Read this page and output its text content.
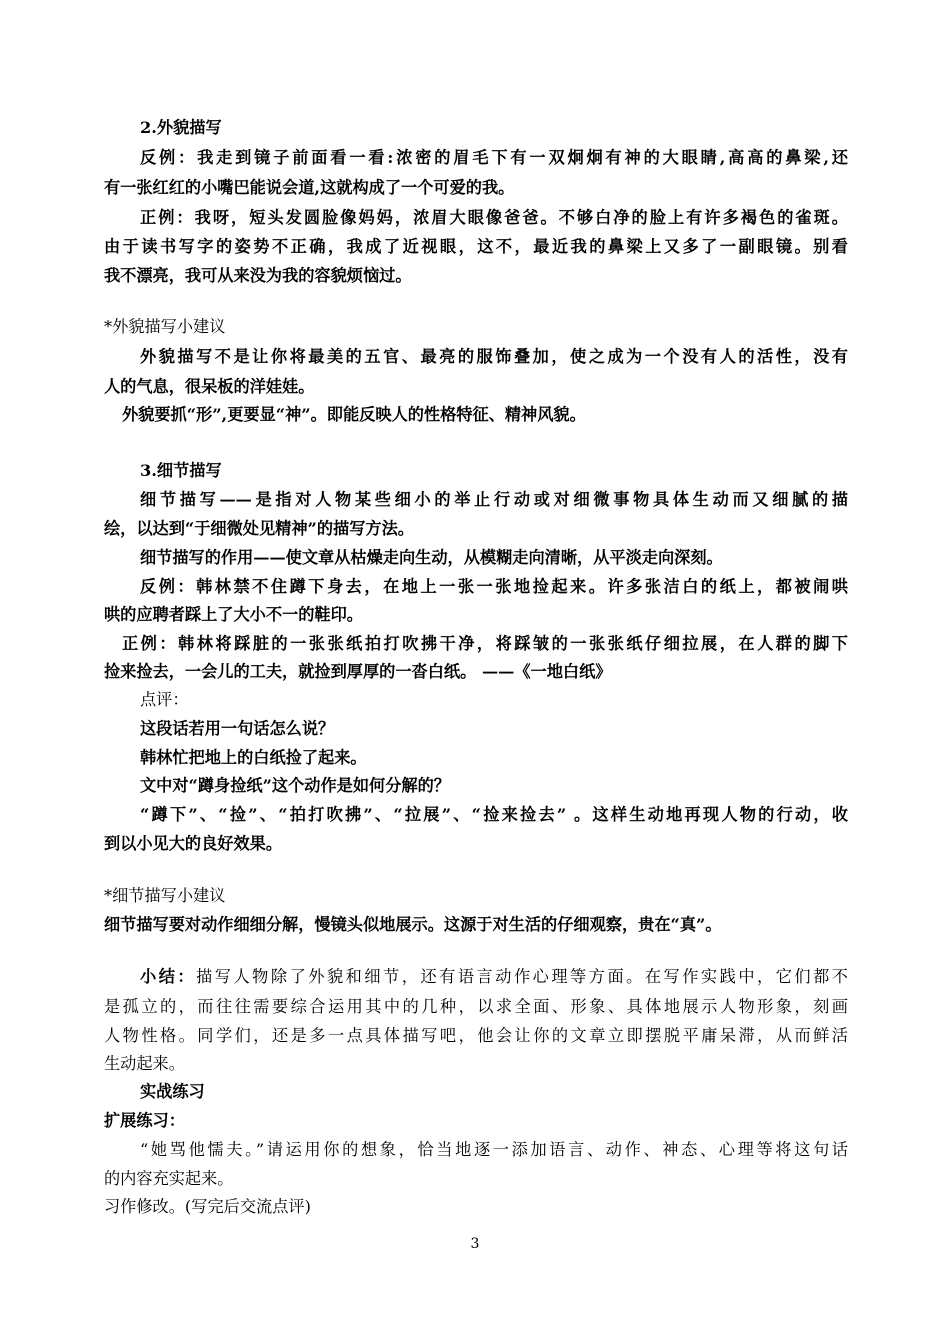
2.外貌描写

反例：我走到镜子前面看一看:浓密的眉毛下有一双炯炯有神的大眼睛,高高的鼻梁,还

有一张红红的小嘴巴能说会道,这就构成了一个可爱的我。

正例：我呀，短头发圆脸像妈妈，浓眉大眼像爸爸。不够白净的脸上有许多褐色的雀斑。

由于读书写字的姿势不正确，我成了近视眼，这不，最近我的鼻梁上又多了一副眼镜。别看

我不漂亮，我可从来没为我的容貌烦恼过。

*外貌描写小建议

外貌描写不是让你将最美的五官、最亮的服饰叠加，使之成为一个没有人的活性，没有

人的气息，很呆板的洋娃娃。

外貌要抓“形”,更要显“神”。即能反映人的性格特征、精神风貌。

3.细节描写

细节描写——是指对人物某些细小的举止行动或对细微事物具体生动而又细腻的描

绘，以达到“于细微处见精神”的描写方法。

细节描写的作用——使文章从枯燥走向生动，从模糊走向清晰，从平淡走向深刻。

反例：韩林禁不住蹲下身去，在地上一张一张地捡起来。许多张洁白的纸上，都被闹哄

哄的应聘者踩上了大小不一的鞋印。

正例：韩林将踩脏的一张张纸拍打吹拂干净，将踩皱的一张张纸仔细拉展，在人群的脚下

捡来捡去，一会儿的工夫，就捡到厚厚的一沓白纸。 ——《一地白纸》

点评：

这段话若用一句话怎么说？

韩林忙把地上的白纸捡了起来。

文中对“蹲身捡纸”这个动作是如何分解的？

“蹲下”、“捡”、“拍打吹拂”、“拉展”、“捡来捡去” 。这样生动地再现人物的行动，收

到以小见大的良好效果。

*细节描写小建议

细节描写要对动作细细分解，慢镜头似地展示。这源于对生活的仔细观察，贵在“真”。

小结：描写人物除了外貌和细节，还有语言动作心理等方面。在写作实践中，它们都不

是孤立的，而往往需要综合运用其中的几种，以求全面、形象、具体地展示人物形象，刻画

人物性格。同学们，还是多一点具体描写吧，他会让你的文章立即摆脱平庸呆滞，从而鲜活

生动起来。

实战练习

扩展练习：

“她骂他懦夫。”请运用你的想象，恰当地逐一添加语言、动作、神态、心理等将这句话

的内容充实起来。

习作修改。(写完后交流点评)

3
